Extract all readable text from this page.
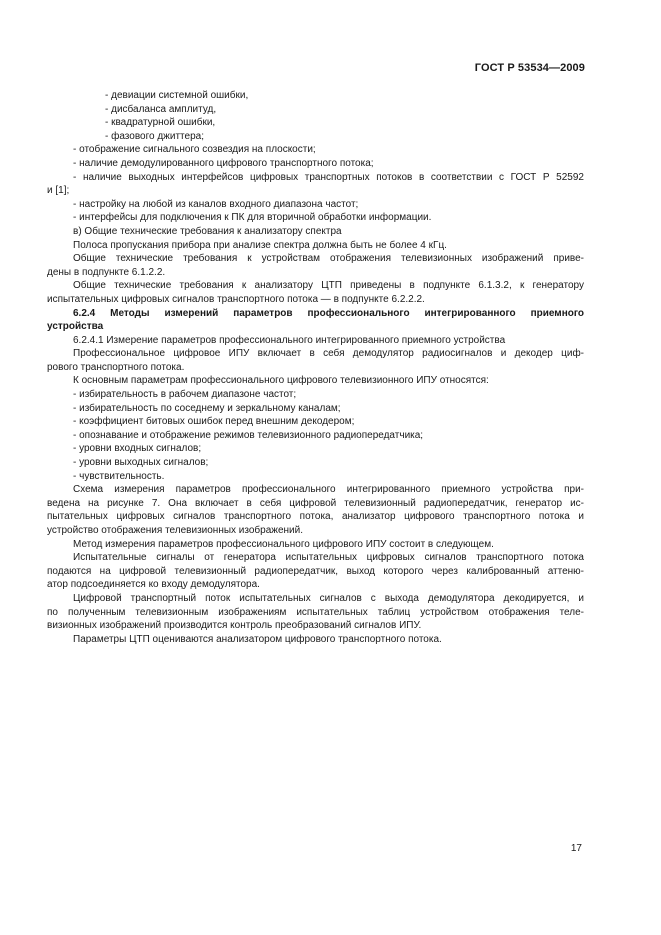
ГОСТ Р 53534—2009
- девиации системной ошибки,
- дисбаланса амплитуд,
- квадратурной ошибки,
- фазового джиттера;
- отображение сигнального созвездия на плоскости;
- наличие демодулированного цифрового транспортного потока;
- наличие выходных интерфейсов цифровых транспортных потоков в соответствии с ГОСТ Р 52592
и [1];
- настройку на любой из каналов входного диапазона частот;
- интерфейсы для подключения к ПК для вторичной обработки информации.
в) Общие технические требования к анализатору спектра
Полоса пропускания прибора при анализе спектра должна быть не более 4 кГц.
Общие технические требования к устройствам отображения телевизионных изображений приве-
дены в подпункте 6.1.2.2.
Общие технические требования к анализатору ЦТП приведены в подпункте 6.1.3.2, к генератору
испытательных цифровых сигналов транспортного потока — в подпункте 6.2.2.2.
6.2.4 Методы измерений параметров профессионального интегрированного приемного
устройства
6.2.4.1 Измерение параметров профессионального интегрированного приемного устройства
Профессиональное цифровое ИПУ включает в себя демодулятор радиосигналов и декодер циф-
рового транспортного потока.
К основным параметрам профессионального цифрового телевизионного ИПУ относятся:
- избирательность в рабочем диапазоне частот;
- избирательность по соседнему и зеркальному каналам;
- коэффициент битовых ошибок перед внешним декодером;
- опознавание и отображение режимов телевизионного радиопередатчика;
- уровни входных сигналов;
- уровни выходных сигналов;
- чувствительность.
Схема измерения параметров профессионального интегрированного приемного устройства при-
ведена на рисунке 7. Она включает в себя цифровой телевизионный радиопередатчик, генератор ис-
пытательных цифровых сигналов транспортного потока, анализатор цифрового транспортного потока и
устройство отображения телевизионных изображений.
Метод измерения параметров профессионального цифрового ИПУ состоит в следующем.
Испытательные сигналы от генератора испытательных цифровых сигналов транспортного потока
подаются на цифровой телевизионный радиопередатчик, выход которого через калиброванный аттеню-
атор подсоединяется ко входу демодулятора.
Цифровой транспортный поток испытательных сигналов с выхода демодулятора декодируется, и
по полученным телевизионным изображениям испытательных таблиц устройством отображения теле-
визионных изображений производится контроль преобразований сигналов ИПУ.
Параметры ЦТП оцениваются анализатором цифрового транспортного потока.
17
